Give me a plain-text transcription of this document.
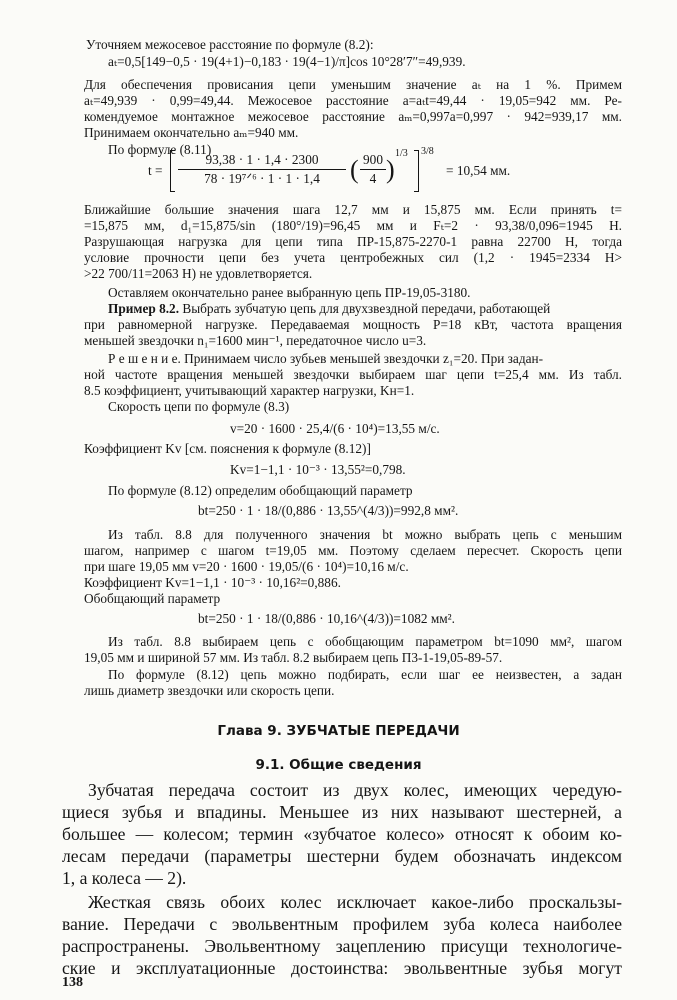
Уточняем межосевое расстояние по формуле (8.2):
aₜ=0,5[149−0,5 · 19(4+1)−0,183 · 19(4−1)/π]cos 10°28′7″=49,939.
Для обеспечения провисания цепи уменьшим значение aₜ на 1 %. Примем
aₜ=49,939 · 0,99=49,44. Межосевое расстояние a=aₜt=49,44 · 19,05=942 мм. Ре-
комендуемое монтажное межосевое расстояние aₘ=0,997a=0,997 · 942=939,17 мм.
Принимаем окончательно aₘ=940 мм.
По формуле (8.11)
t =
93,38 · 1 · 1,4 · 2300
78 · 19⁷ᐟ⁶ · 1 · 1 · 1,4	( $\frac{900}{4}$ )
1/3 3/8
= 10,54 мм.
Ближайшие большие значения шага 12,7 мм и 15,875 мм. Если принять t=
=15,875 мм, d₁=15,875/sin (180°/19)=96,45 мм и Fₜ=2 · 93,38/0,096=1945 Н.
Разрушающая нагрузка для цепи типа ПР-15,875-2270-1 равна 22700 Н, тогда
условие прочности цепи без учета центробежных сил (1,2 · 1945=2334 Н>
>22 700/11=2063 Н) не удовлетворяется.
Оставляем окончательно ранее выбранную цепь ПР-19,05-3180.
Пример 8.2. Выбрать зубчатую цепь для двухзвездной передачи, работающей
при равномерной нагрузке. Передаваемая мощность P=18 кВт, частота вращения
меньшей звездочки n₁=1600 мин⁻¹, передаточное число u=3.
Р е ш е н и е. Принимаем число зубьев меньшей звездочки z₁=20. При задан-
ной частоте вращения меньшей звездочки выбираем шаг цепи t=25,4 мм. Из табл.
8.5 коэффициент, учитывающий характер нагрузки, Kн=1.
Скорость цепи по формуле (8.3)
v=20 · 1600 · 25,4/(6 · 10⁴)=13,55 м/с.
Коэффициент Kv [см. пояснения к формуле (8.12)]
Kv=1−1,1 · 10⁻³ · 13,55²=0,798.
По формуле (8.12) определим обобщающий параметр
bt=250 · 1 · 18/(0,886 · 13,55^(4/3))=992,8 мм².
Из табл. 8.8 для полученного значения bt можно выбрать цепь с меньшим
шагом, например с шагом t=19,05 мм. Поэтому сделаем пересчет. Скорость цепи
при шаге 19,05 мм v=20 · 1600 · 19,05/(6 · 10⁴)=10,16 м/с.
Коэффициент Kv=1−1,1 · 10⁻³ · 10,16²=0,886.
Обобщающий параметр
bt=250 · 1 · 18/(0,886 · 10,16^(4/3))=1082 мм².
Из табл. 8.8 выбираем цепь с обобщающим параметром bt=1090 мм², шагом
19,05 мм и шириной 57 мм. Из табл. 8.2 выбираем цепь П3-1-19,05-89-57.
По формуле (8.12) цепь можно подбирать, если шаг ее неизвестен, а задан
лишь диаметр звездочки или скорость цепи.
Глава 9. ЗУБЧАТЫЕ ПЕРЕДАЧИ
9.1. Общие сведения
Зубчатая передача состоит из двух колес, имеющих чередую-
щиеся зубья и впадины. Меньшее из них называют шестерней, а
большее — колесом; термин «зубчатое колесо» относят к обоим ко-
лесам передачи (параметры шестерни будем обозначать индексом
1, а колеса — 2).
Жесткая связь обоих колес исключает какое-либо проскальзы-
вание. Передачи с эвольвентным профилем зуба колеса наиболее
распространены. Эвольвентному зацеплению присущи технологиче-
ские и эксплуатационные достоинства: эвольвентные зубья могут
138
